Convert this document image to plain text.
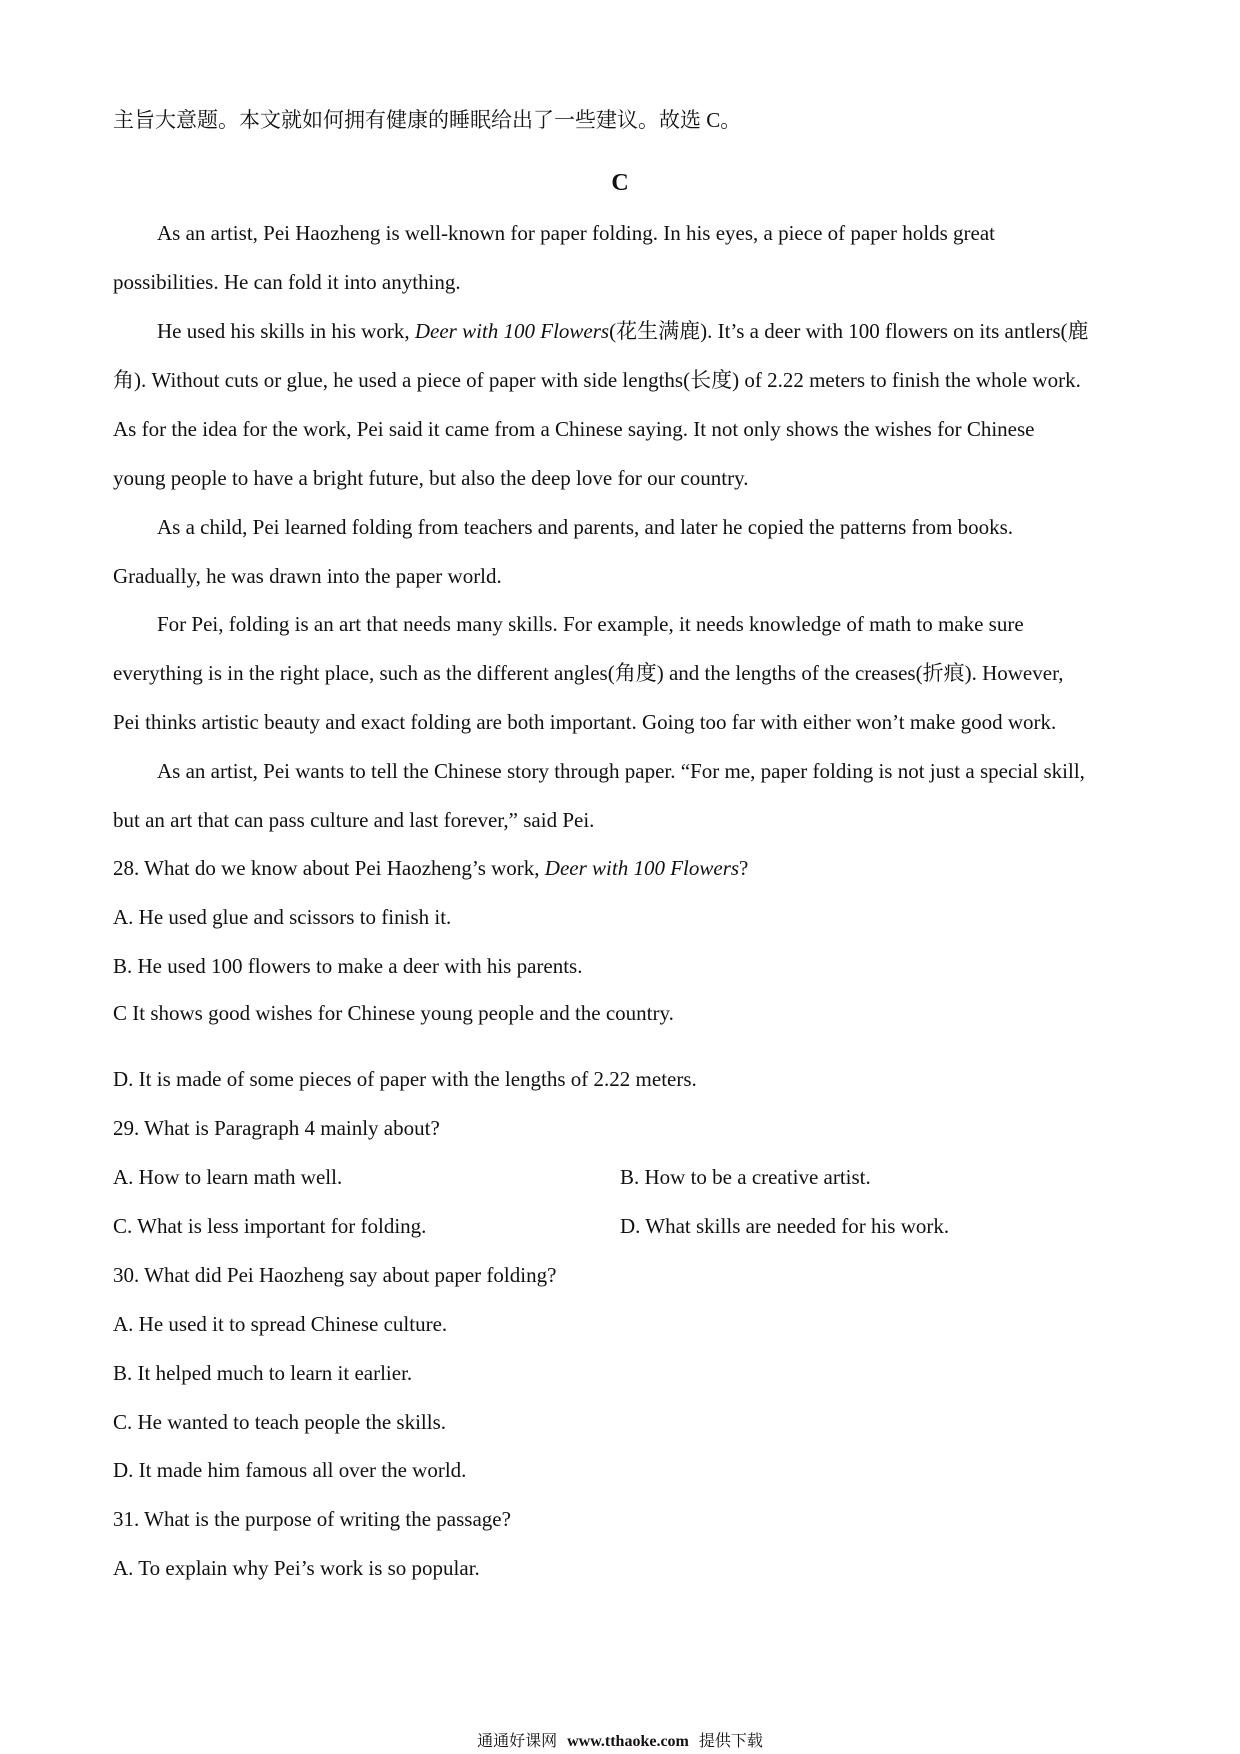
主旨大意题。本文就如何拥有健康的睡眠给出了一些建议。故选 C。
C
As an artist, Pei Haozheng is well-known for paper folding. In his eyes, a piece of paper holds great
possibilities. He can fold it into anything.
He used his skills in his work, Deer with 100 Flowers(花生满鹿). It’s a deer with 100 flowers on its antlers(鹿
角). Without cuts or glue, he used a piece of paper with side lengths(长度) of 2.22 meters to finish the whole work.
As for the idea for the work, Pei said it came from a Chinese saying. It not only shows the wishes for Chinese
young people to have a bright future, but also the deep love for our country.
As a child, Pei learned folding from teachers and parents, and later he copied the patterns from books.
Gradually, he was drawn into the paper world.
For Pei, folding is an art that needs many skills. For example, it needs knowledge of math to make sure
everything is in the right place, such as the different angles(角度) and the lengths of the creases(折痕). However,
Pei thinks artistic beauty and exact folding are both important. Going too far with either won’t make good work.
As an artist, Pei wants to tell the Chinese story through paper. “For me, paper folding is not just a special skill,
but an art that can pass culture and last forever,” said Pei.
28. What do we know about Pei Haozheng’s work, Deer with 100 Flowers?
A. He used glue and scissors to finish it.
B. He used 100 flowers to make a deer with his parents.
C It shows good wishes for Chinese young people and the country.
D. It is made of some pieces of paper with the lengths of 2.22 meters.
29. What is Paragraph 4 mainly about?
A. How to learn math well.	B. How to be a creative artist.
C. What is less important for folding.	D. What skills are needed for his work.
30. What did Pei Haozheng say about paper folding?
A. He used it to spread Chinese culture.
B. It helped much to learn it earlier.
C. He wanted to teach people the skills.
D. It made him famous all over the world.
31. What is the purpose of writing the passage?
A. To explain why Pei’s work is so popular.
通通好课网 www.tthaoke.com 提供下载
